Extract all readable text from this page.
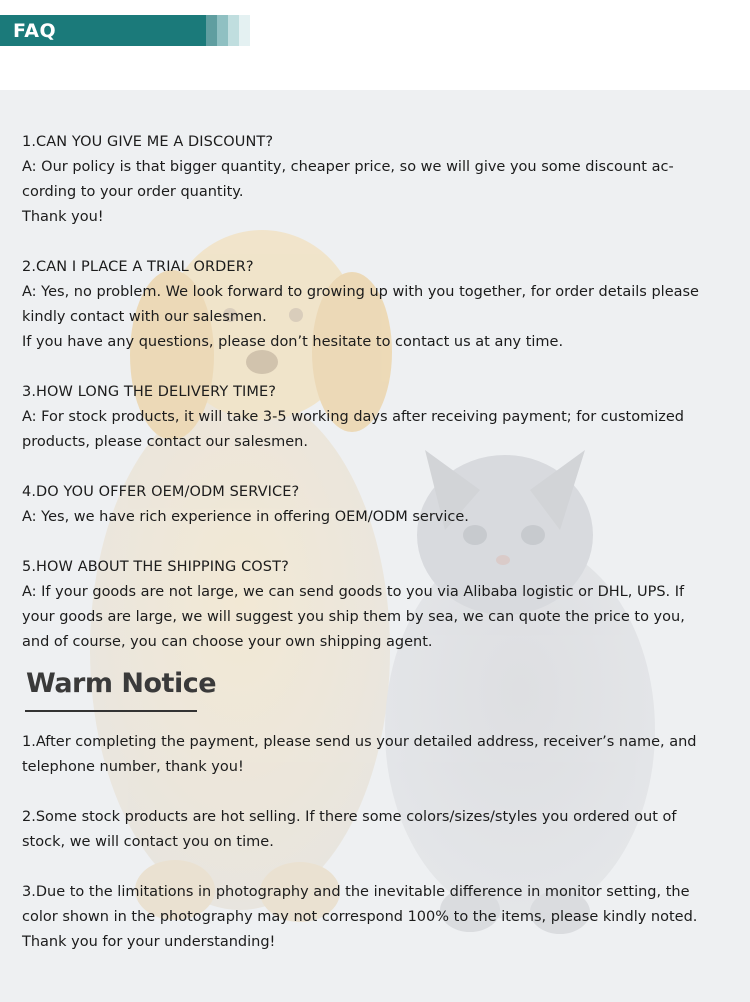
FAQ
1.CAN YOU GIVE ME A DISCOUNT?
A: Our policy is that bigger quantity, cheaper price, so we will give you some discount ac-
cording to your order quantity.
Thank you!
2.CAN I PLACE A TRIAL ORDER?
A: Yes, no problem. We look forward to growing up with you together, for order details please
kindly contact with our salesmen.
If you have any questions, please don’t hesitate to contact us at any time.
3.HOW LONG THE DELIVERY TIME?
A: For stock products, it will take 3-5 working days after receiving payment; for customized
products, please contact our salesmen.
4.DO YOU OFFER OEM/ODM SERVICE?
A: Yes, we have rich experience in offering OEM/ODM service.
5.HOW ABOUT THE SHIPPING COST?
A: If your goods are not large, we can send goods to you via Alibaba logistic or DHL, UPS. If
your goods are large, we will suggest you ship them by sea, we can quote the price to you,
and of course, you can choose your own shipping agent.
Warm Notice
1.After completing the payment, please send us your detailed address, receiver’s name, and
telephone number, thank you!
2.Some stock products are hot selling. If there some colors/sizes/styles you ordered out of
stock, we will contact you on time.
3.Due to the limitations in photography and the inevitable difference in monitor setting, the
color shown in the photography may not correspond 100% to the items, please kindly noted.
Thank you for your understanding!
